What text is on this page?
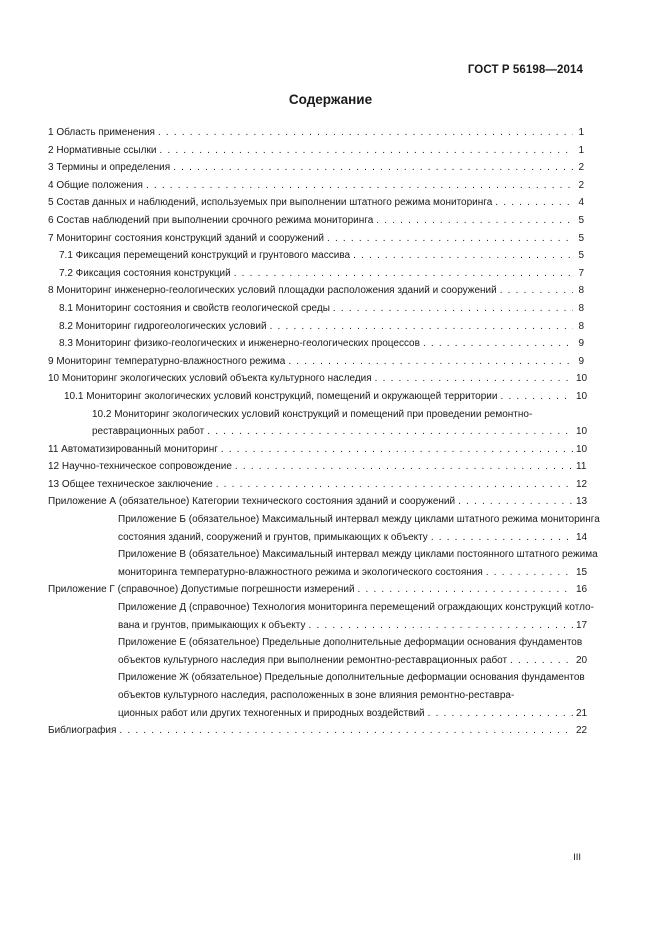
ГОСТ Р 56198—2014
Содержание
1 Область применения . . .	1
2 Нормативные ссылки . . .	1
3 Термины и определения . . .	2
4 Общие положения . . .	2
5 Состав данных и наблюдений, используемых при выполнении штатного режима мониторинга . . .	4
6 Состав наблюдений при выполнении срочного режима мониторинга . . .	5
7 Мониторинг состояния конструкций зданий и сооружений . . .	5
7.1 Фиксация перемещений конструкций и грунтового массива . . .	5
7.2 Фиксация состояния конструкций . . .	7
8 Мониторинг инженерно-геологических условий площадки расположения зданий и сооружений . . .	8
8.1 Мониторинг состояния и свойств геологической среды . . .	8
8.2 Мониторинг гидрогеологических условий . . .	8
8.3 Мониторинг физико-геологических и инженерно-геологических процессов . . .	9
9 Мониторинг температурно-влажностного режима . . .	9
10 Мониторинг экологических условий объекта культурного наследия . . .	10
10.1 Мониторинг экологических условий конструкций, помещений и окружающей территории . . .	10
10.2 Мониторинг экологических условий конструкций и помещений при проведении ремонтно-
реставрационных работ . . .	10
11 Автоматизированный мониторинг . . .	10
12 Научно-техническое сопровождение . . .	11
13 Общее техническое заключение . . .	12
Приложение А (обязательное) Категории технического состояния зданий и сооружений . . .	13
Приложение Б (обязательное) Максимальный интервал между циклами штатного режима мониторинга
состояния зданий, сооружений и грунтов, примыкающих к объекту . . .	14
Приложение В (обязательное) Максимальный интервал между циклами постоянного штатного режима
мониторинга температурно-влажностного режима и экологического состояния . . .	15
Приложение Г (справочное) Допустимые погрешности измерений . . .	16
Приложение Д (справочное) Технология мониторинга перемещений ограждающих конструкций котло-
вана и грунтов, примыкающих к объекту . . .	17
Приложение Е (обязательное) Предельные дополнительные деформации основания фундаментов
объектов культурного наследия при выполнении ремонтно-реставрационных работ . . .	20
Приложение Ж (обязательное) Предельные дополнительные деформации основания фундаментов
объектов культурного наследия, расположенных в зоне влияния ремонтно-реставра-
ционных работ или других техногенных и природных воздействий . . .	21
Библиография . . .	22
III
